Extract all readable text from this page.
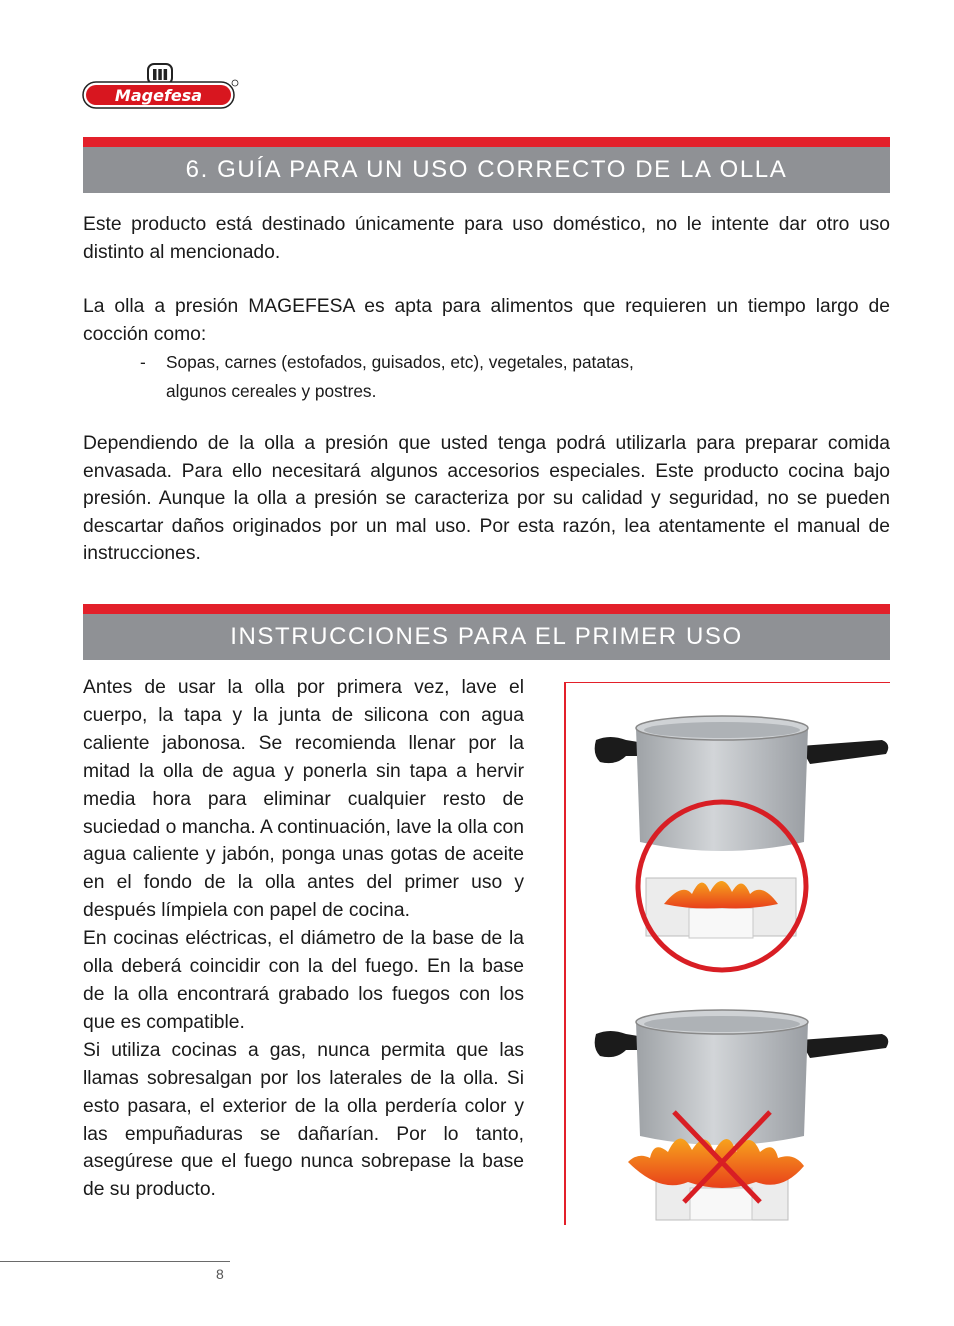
Magefesa
6. GUÍA PARA UN USO CORRECTO DE LA OLLA

Este producto está destinado únicamente para uso doméstico, no le intente dar otro uso distinto al mencionado.

La olla a presión MAGEFESA es apta para alimentos que requieren un tiempo largo de cocción como:

- Sopas, carnes (estofados, guisados, etc), vegetales, patatas,
algunos cereales y postres.

Dependiendo de la olla a presión que usted tenga podrá utilizarla para preparar comida envasada. Para ello necesitará algunos accesorios especiales. Este producto cocina bajo presión. Aunque la olla a presión se caracteriza por su calidad y seguridad, no se pueden descartar daños originados por un mal uso. Por esta razón, lea atentamente el manual de instrucciones.

INSTRUCCIONES PARA EL PRIMER USO
Antes de usar la olla por primera vez, lave el cuerpo, la tapa y la junta de silicona con agua caliente jabonosa. Se recomienda llenar por la mitad la olla de agua y ponerla sin tapa a hervir media hora para eliminar cualquier resto de suciedad o mancha. A continuación, lave la olla con agua caliente y jabón, ponga unas gotas de aceite en el fondo de la olla antes del primer uso y después límpiela con papel de cocina.
En cocinas eléctricas, el diámetro de la base de la olla deberá coincidir con la del fuego. En la base de la olla encontrará grabado los fuegos con los que es compatible.
Si utiliza cocinas a gas, nunca permita que las llamas sobresalgan por los laterales de la olla. Si esto pasara, el exterior de la olla perdería color y las empuñaduras se dañarían. Por lo tanto, asegúrese que el fuego nunca sobrepase la base de su producto.
8
